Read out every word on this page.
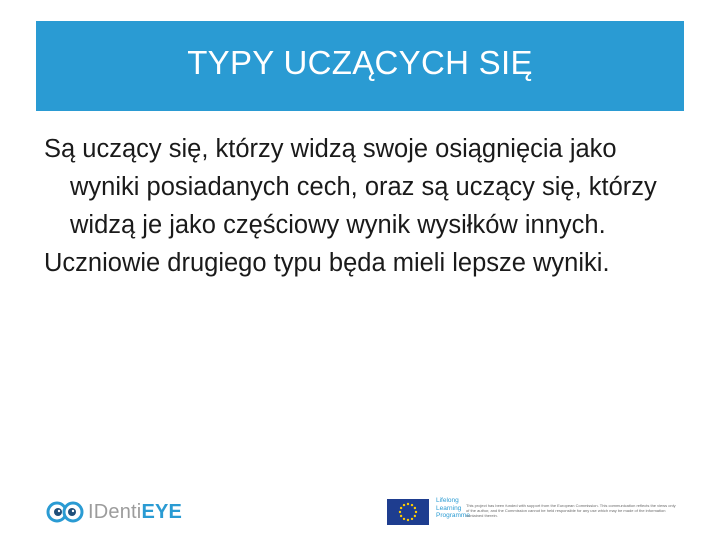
TYPY UCZĄCYCH SIĘ

Są uczący się, którzy widzą swoje osiągnięcia jako wyniki posiadanych cech, oraz są uczący się, którzy widzą je jako częściowy wynik wysiłków innych.

Uczniowie drugiego typu będa mieli lepsze wyniki.

IDentiEYE	Lifelong Learning Programme
This project has been funded with support from the European Commission. This communication reflects the views only of the author, and the Commission cannot be held responsible for any use which may be made of the information contained therein.
